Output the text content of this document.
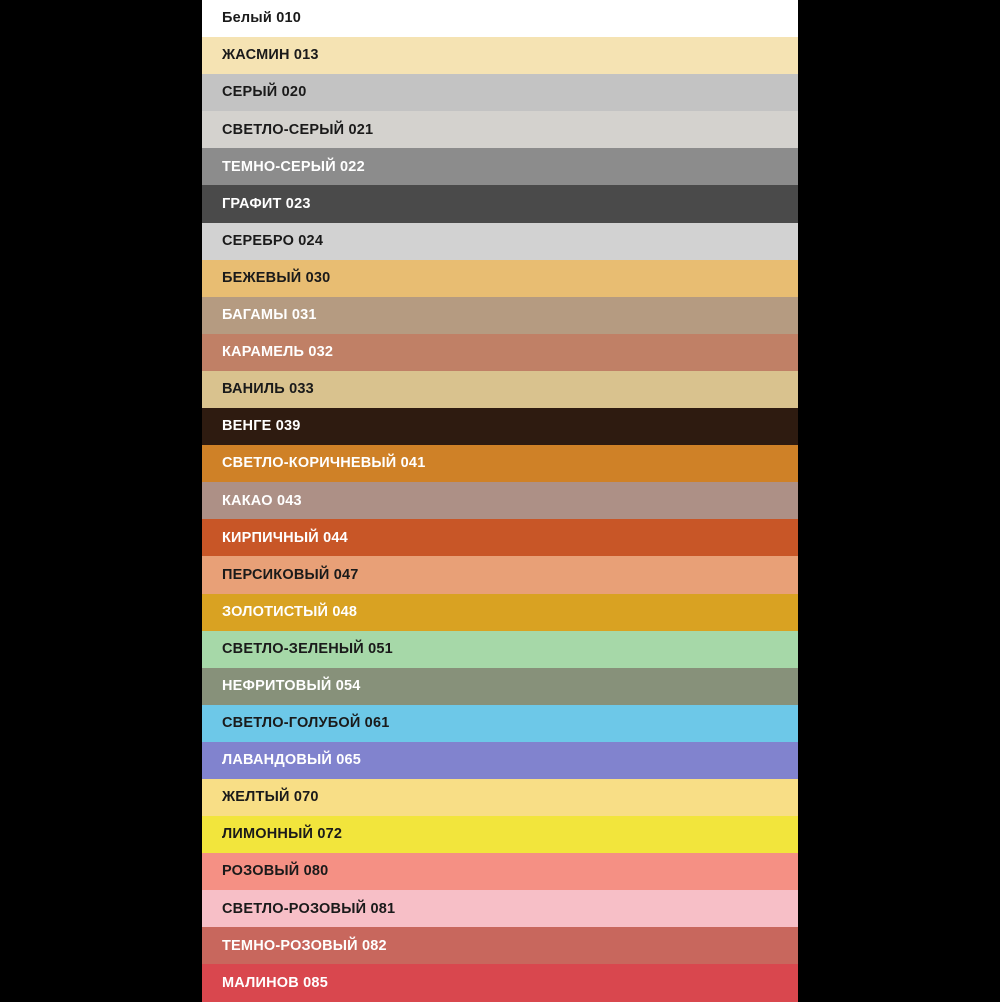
Белый 010
ЖАСМИН 013
СЕРЫЙ 020
СВЕТЛО-СЕРЫЙ 021
ТЕМНО-СЕРЫЙ 022
ГРАФИТ 023
СЕРЕБРО 024
БЕЖЕВЫЙ 030
БАГАМЫ 031
КАРАМЕЛЬ 032
ВАНИЛЬ 033
ВЕНГЕ 039
СВЕТЛО-КОРИЧНЕВЫЙ 041
КАКАО 043
КИРПИЧНЫЙ 044
ПЕРСИКОВЫЙ 047
ЗОЛОТИСТЫЙ 048
СВЕТЛО-ЗЕЛЕНЫЙ 051
НЕФРИТОВЫЙ 054
СВЕТЛО-ГОЛУБОЙ 061
ЛАВАНДОВЫЙ 065
ЖЕЛТЫЙ 070
ЛИМОННЫЙ 072
РОЗОВЫЙ 080
СВЕТЛО-РОЗОВЫЙ 081
ТЕМНО-РОЗОВЫЙ 082
МАЛИНОВ 085
